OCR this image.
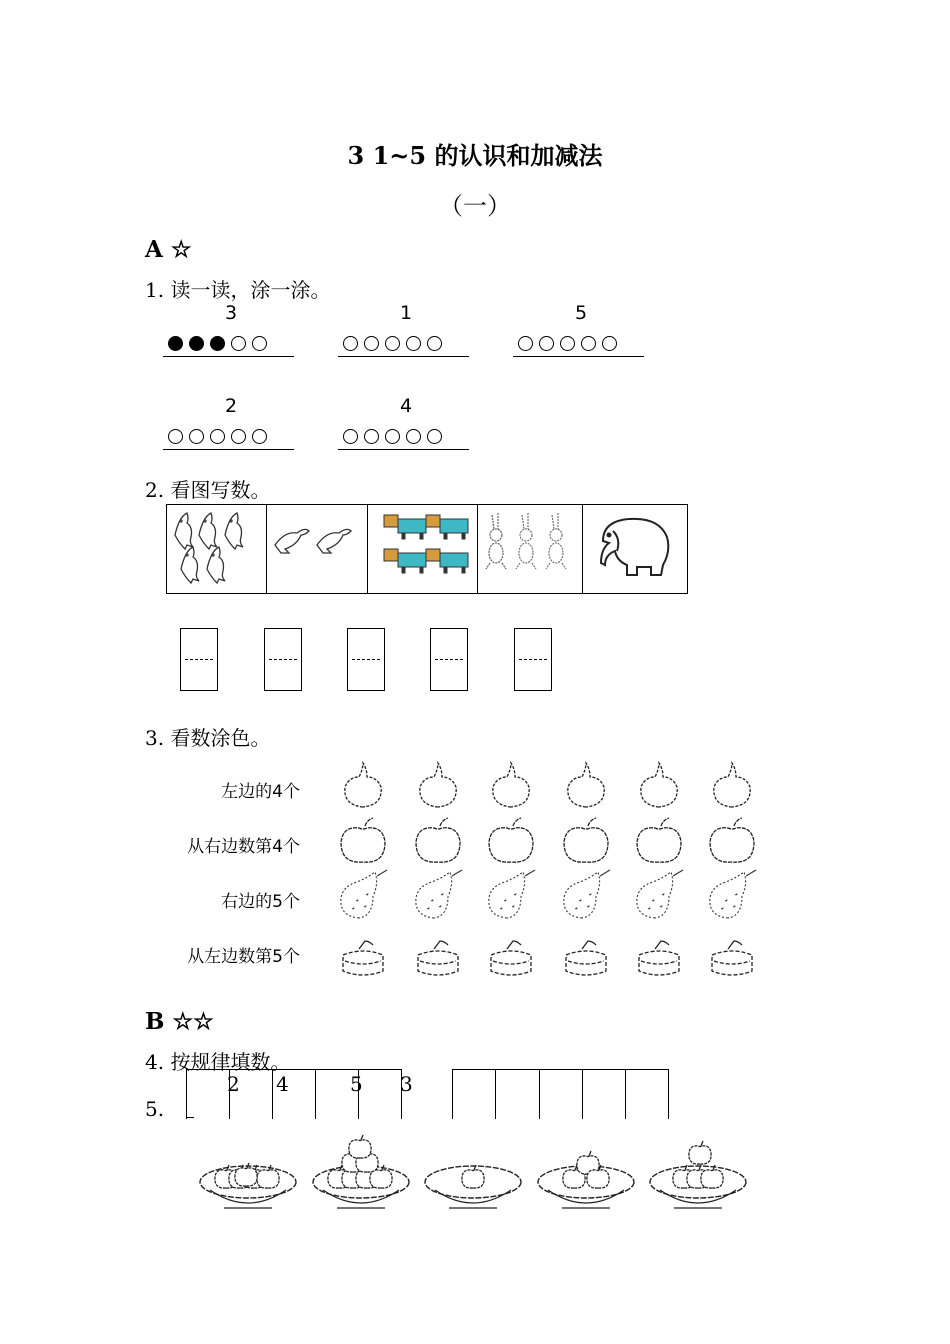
3 1~5 的认识和加减法
（一）
A ☆
1. 读一读，涂一涂。
3	1	5
2	4
2. 看图写数。
3. 看数涂色。
左边的4个
从右边数第4个
右边的5个
从左边数第5个
B ☆☆
4. 按规律填数。
2 4	5 3
5.
